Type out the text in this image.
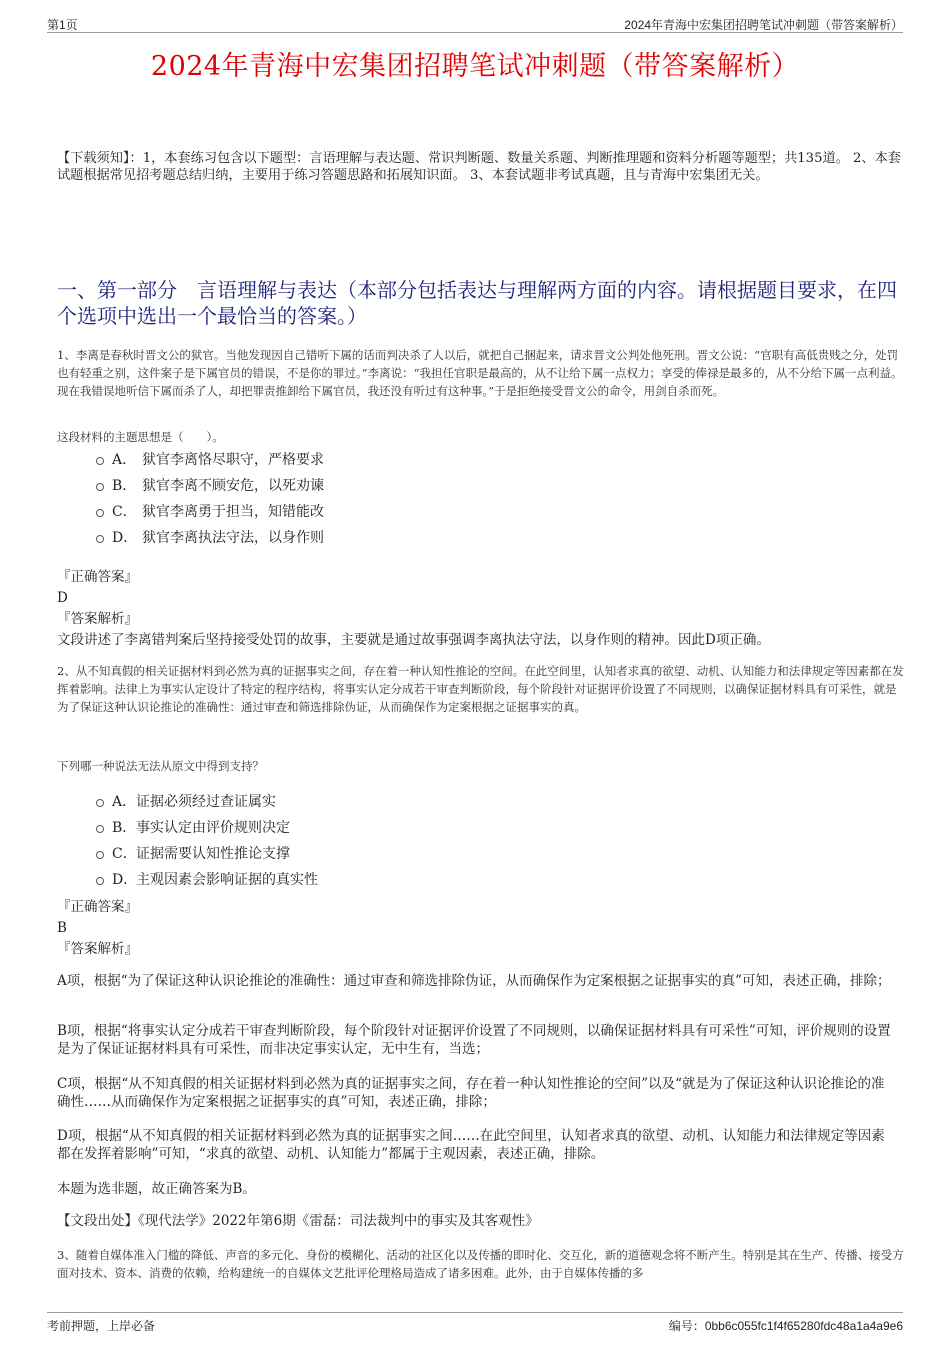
第1页	2024年青海中宏集团招聘笔试冲刺题（带答案解析）
2024年青海中宏集团招聘笔试冲刺题（带答案解析）
【下载须知】：1，本套练习包含以下题型：言语理解与表达题、常识判断题、数量关系题、判断推理题和资料分析题等题型；共135道。 2、本套试题根据常见招考题总结归纳，主要用于练习答题思路和拓展知识面。 3、本套试题非考试真题，且与青海中宏集团无关。
一、第一部分　言语理解与表达（本部分包括表达与理解两方面的内容。请根据题目要求，在四个选项中选出一个最恰当的答案。）
1、李离是春秋时晋文公的狱官。当他发现因自己错听下属的话而判决杀了人以后，就把自己捆起来，请求晋文公判处他死刑。晋文公说：“官职有高低贵贱之分，处罚也有轻重之别，这件案子是下属官员的错误，不是你的罪过。”李离说：“我担任官职是最高的，从不让给下属一点权力；享受的俸禄是最多的，从不分给下属一点利益。现在我错误地听信下属而杀了人，却把罪责推卸给下属官员，我还没有听过有这种事。”于是拒绝接受晋文公的命令，用剑自杀而死。
这段材料的主题思想是（　　）。
A． 狱官李离恪尽职守，严格要求
B． 狱官李离不顾安危，以死劝谏
C． 狱官李离勇于担当，知错能改
D． 狱官李离执法守法，以身作则
『正确答案』
D
『答案解析』
文段讲述了李离错判案后坚持接受处罚的故事，主要就是通过故事强调李离执法守法，以身作则的精神。因此D项正确。
2、从不知真假的相关证据材料到必然为真的证据事实之间，存在着一种认知性推论的空间。在此空间里，认知者求真的欲望、动机、认知能力和法律规定等因素都在发挥着影响。法律上为事实认定设计了特定的程序结构，将事实认定分成若干审查判断阶段，每个阶段针对证据评价设置了不同规则，以确保证据材料具有可采性，就是为了保证这种认识论推论的准确性：通过审查和筛选排除伪证，从而确保作为定案根据之证据事实的真。
下列哪一种说法无法从原文中得到支持？
A． 证据必须经过查证属实
B． 事实认定由评价规则决定
C． 证据需要认知性推论支撑
D．
主观因素会影响证据的真实性
『正确答案』
B
『答案解析』
A项，根据“为了保证这种认识论推论的准确性：通过审查和筛选排除伪证，从而确保作为定案根据之证据事实的真”可知，表述正确，排除；
B项，根据“将事实认定分成若干审查判断阶段，每个阶段针对证据评价设置了不同规则，以确保证据材料具有可采性”可知，评价规则的设置是为了保证证据材料具有可采性，而非决定事实认定，无中生有，当选；
C项，根据“从不知真假的相关证据材料到必然为真的证据事实之间，存在着一种认知性推论的空间”以及“就是为了保证这种认识论推论的准确性……从而确保作为定案根据之证据事实的真”可知，表述正确，排除；
D项，根据“从不知真假的相关证据材料到必然为真的证据事实之间……在此空间里，认知者求真的欲望、动机、认知能力和法律规定等因素都在发挥着影响”可知，“求真的欲望、动机、认知能力”都属于主观因素，表述正确，排除。
本题为选非题，故正确答案为B。
【文段出处】《现代法学》2022年第6期《雷磊：司法裁判中的事实及其客观性》
3、随着自媒体准入门槛的降低、声音的多元化、身份的模糊化、活动的社区化以及传播的即时化、交互化，新的道德观念将不断产生。特别是其在生产、传播、接受方面对技术、资本、消费的依赖，给构建统一的自媒体文艺批评伦理格局造成了诸多困难。此外，由于自媒体传播的多
考前押题，上岸必备	编号：0bb6c055fc1f4f65280fdc48a1a4a9e6
